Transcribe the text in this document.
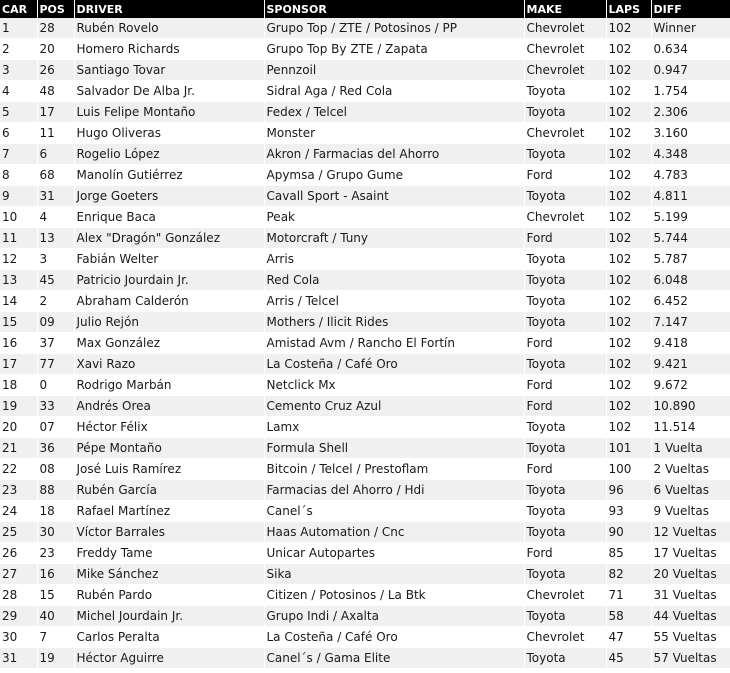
CAR	POS	DRIVER	SPONSOR	MAKE	LAPS	DIFF
1	28	Rubén Rovelo	Grupo Top / ZTE / Potosinos / PP	Chevrolet	102	Winner
2	20	Homero Richards	Grupo Top By ZTE / Zapata	Chevrolet	102	0.634
3	26	Santiago Tovar	Pennzoil	Chevrolet	102	0.947
4	48	Salvador De Alba Jr.	Sidral Aga / Red Cola	Toyota	102	1.754
5	17	Luis Felipe Montaño	Fedex / Telcel	Toyota	102	2.306
6	11	Hugo Oliveras	Monster	Chevrolet	102	3.160
7	6	Rogelio López	Akron / Farmacias del Ahorro	Toyota	102	4.348
8	68	Manolín Gutiérrez	Apymsa / Grupo Gume	Ford	102	4.783
9	31	Jorge Goeters	Cavall Sport - Asaint	Toyota	102	4.811
10	4	Enrique Baca	Peak	Chevrolet	102	5.199
11	13	Alex "Dragón" González	Motorcraft / Tuny	Ford	102	5.744
12	3	Fabián Welter	Arris	Toyota	102	5.787
13	45	Patricio Jourdain Jr.	Red Cola	Toyota	102	6.048
14	2	Abraham Calderón	Arris / Telcel	Toyota	102	6.452
15	09	Julio Rejón	Mothers / Ilicit Rides	Toyota	102	7.147
16	37	Max González	Amistad Avm / Rancho El Fortín	Ford	102	9.418
17	77	Xavi Razo	La Costeña / Café Oro	Toyota	102	9.421
18	0	Rodrigo Marbán	Netclick Mx	Ford	102	9.672
19	33	Andrés Orea	Cemento Cruz Azul	Ford	102	10.890
20	07	Héctor Félix	Lamx	Toyota	102	11.514
21	36	Pépe Montaño	Formula Shell	Toyota	101	1 Vuelta
22	08	José Luis Ramírez	Bitcoin / Telcel / Prestoflam	Ford	100	2 Vueltas
23	88	Rubén García	Farmacias del Ahorro / Hdi	Toyota	96	6 Vueltas
24	18	Rafael Martínez	Canel´s	Toyota	93	9 Vueltas
25	30	Víctor Barrales	Haas Automation / Cnc	Toyota	90	12 Vueltas
26	23	Freddy Tame	Unicar Autopartes	Ford	85	17 Vueltas
27	16	Mike Sánchez	Sika	Toyota	82	20 Vueltas
28	15	Rubén Pardo	Citizen / Potosinos / La Btk	Chevrolet	71	31 Vueltas
29	40	Michel Jourdain Jr.	Grupo Indi / Axalta	Toyota	58	44 Vueltas
30	7	Carlos Peralta	La Costeña / Café Oro	Chevrolet	47	55 Vueltas
31	19	Héctor Aguirre	Canel´s / Gama Elite	Toyota	45	57 Vueltas
